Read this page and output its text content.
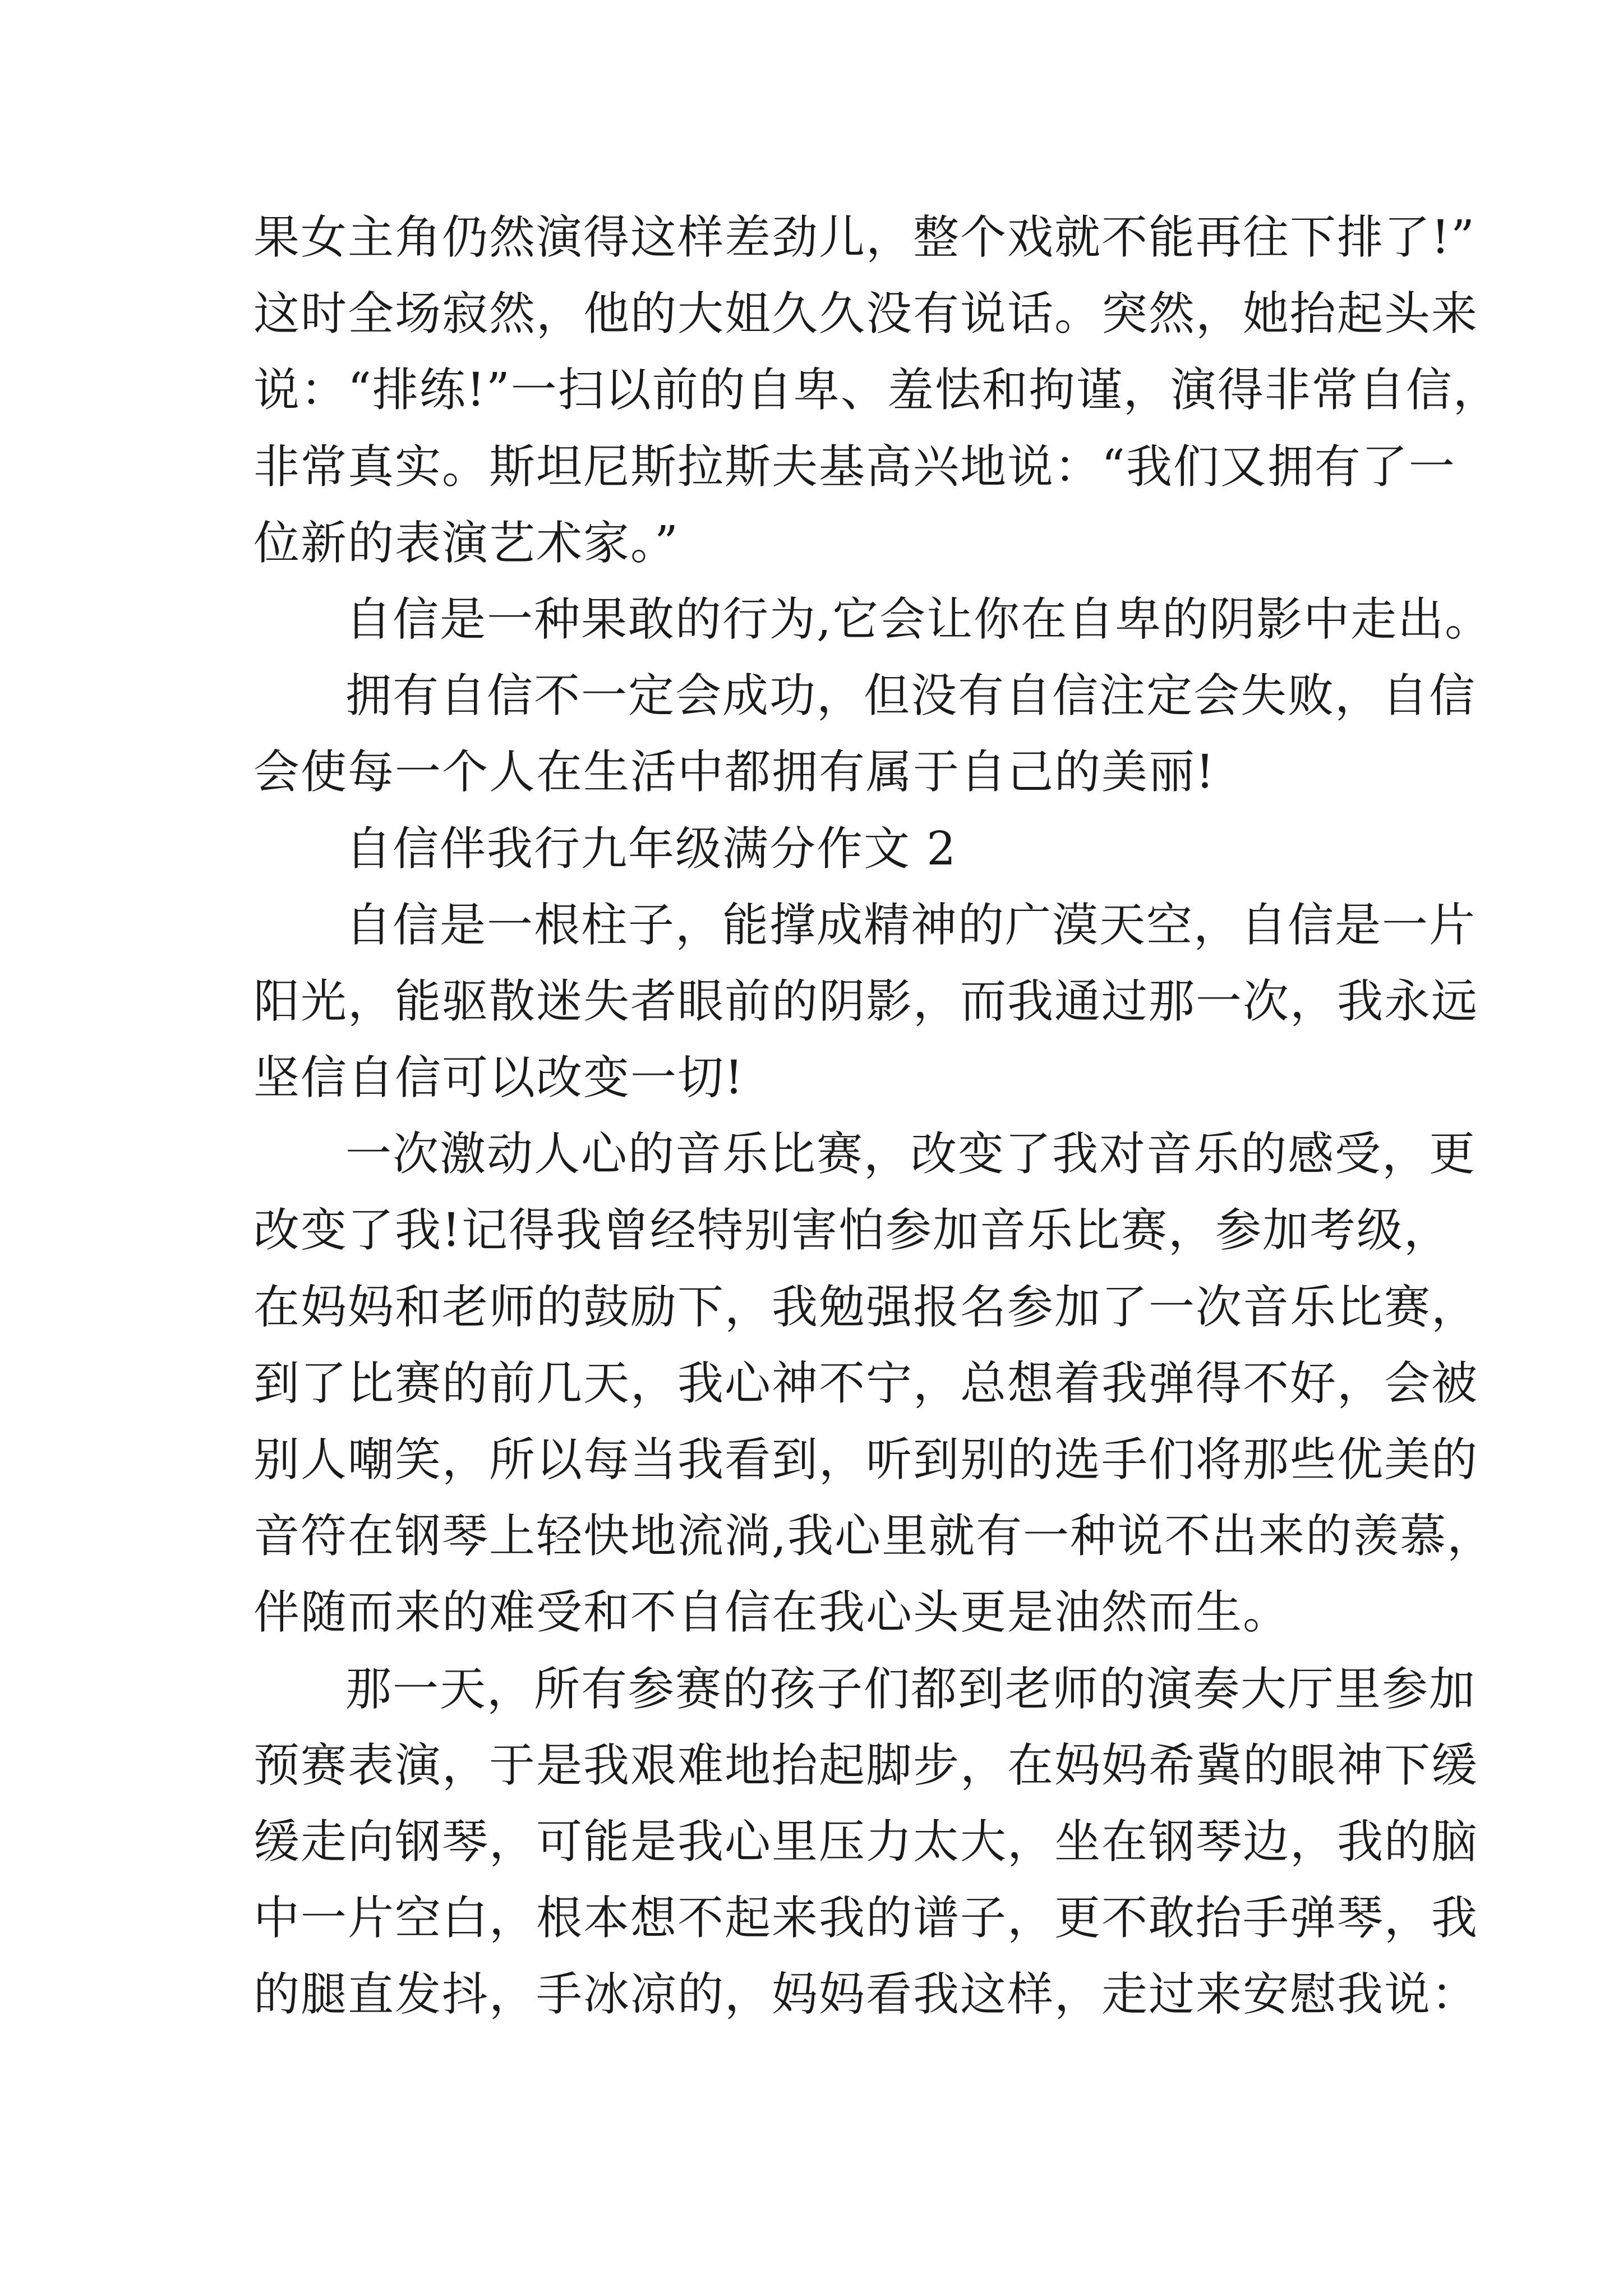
果女主角仍然演得这样差劲儿，整个戏就不能再往下排了!”
这时全场寂然，他的大姐久久没有说话。突然，她抬起头来
说：“排练!”一扫以前的自卑、羞怯和拘谨，演得非常自信，
非常真实。斯坦尼斯拉斯夫基高兴地说：“我们又拥有了一
位新的表演艺术家。”
自信是一种果敢的行为,它会让你在自卑的阴影中走出。
拥有自信不一定会成功，但没有自信注定会失败，自信
会使每一个人在生活中都拥有属于自己的美丽!
自信伴我行九年级满分作文 2
自信是一根柱子，能撑成精神的广漠天空，自信是一片
阳光，能驱散迷失者眼前的阴影，而我通过那一次，我永远
坚信自信可以改变一切!
一次激动人心的音乐比赛，改变了我对音乐的感受，更
改变了我!记得我曾经特别害怕参加音乐比赛，参加考级，
在妈妈和老师的鼓励下，我勉强报名参加了一次音乐比赛，
到了比赛的前几天，我心神不宁，总想着我弹得不好，会被
别人嘲笑，所以每当我看到，听到别的选手们将那些优美的
音符在钢琴上轻快地流淌,我心里就有一种说不出来的羡慕，
伴随而来的难受和不自信在我心头更是油然而生。
那一天，所有参赛的孩子们都到老师的演奏大厅里参加
预赛表演，于是我艰难地抬起脚步，在妈妈希冀的眼神下缓
缓走向钢琴，可能是我心里压力太大，坐在钢琴边，我的脑
中一片空白，根本想不起来我的谱子，更不敢抬手弹琴，我
的腿直发抖，手冰凉的，妈妈看我这样，走过来安慰我说：
